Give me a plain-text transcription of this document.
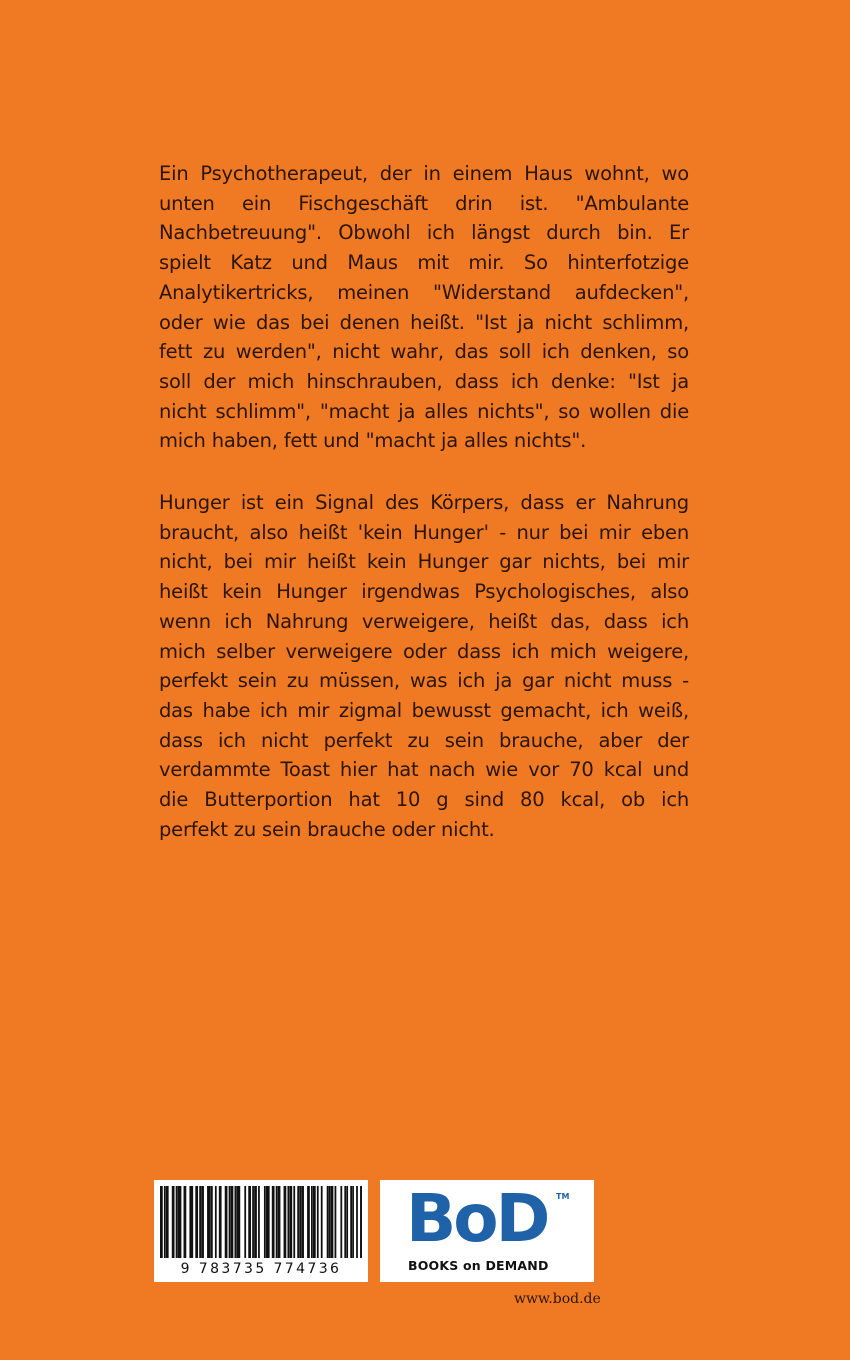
Ein Psychotherapeut, der in einem Haus wohnt, wo
unten ein Fischgeschäft drin ist. "Ambulante
Nachbetreuung". Obwohl ich längst durch bin. Er
spielt Katz und Maus mit mir. So hinterfotzige
Analytikertricks, meinen "Widerstand aufdecken",
oder wie das bei denen heißt. "Ist ja nicht schlimm,
fett zu werden", nicht wahr, das soll ich denken, so
soll der mich hinschrauben, dass ich denke: "Ist ja
nicht schlimm", "macht ja alles nichts", so wollen die
mich haben, fett und "macht ja alles nichts".

Hunger ist ein Signal des Körpers, dass er Nahrung
braucht, also heißt 'kein Hunger' - nur bei mir eben
nicht, bei mir heißt kein Hunger gar nichts, bei mir
heißt kein Hunger irgendwas Psychologisches, also
wenn ich Nahrung verweigere, heißt das, dass ich
mich selber verweigere oder dass ich mich weigere,
perfekt sein zu müssen, was ich ja gar nicht muss -
das habe ich mir zigmal bewusst gemacht, ich weiß,
dass ich nicht perfekt zu sein brauche, aber der
verdammte Toast hier hat nach wie vor 70 kcal und
die Butterportion hat 10 g sind 80 kcal, ob ich
perfekt zu sein brauche oder nicht.

9 783735 774736
BoD TM
BOOKS on DEMAND
www.bod.de
